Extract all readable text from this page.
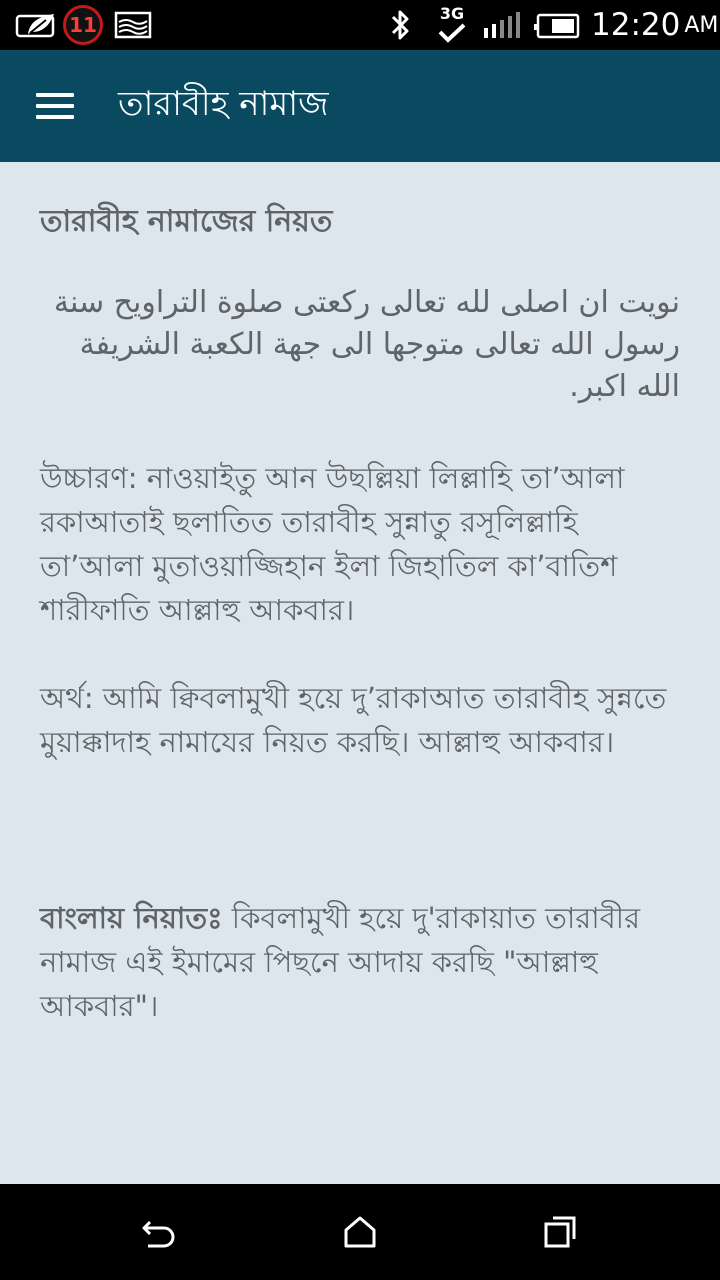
11	3G	12:20 AM
তারাবীহ নামাজ
তারাবীহ নামাজের নিয়ত
نويت ان اصلى لله تعالى ركعتى صلوة التراويح سنة رسول الله تعالى متوجها الى جهة الكعبة الشريفة الله اكبر.
উচ্চারণ: নাওয়াইতু আন উছল্লিয়া লিল্লাহি তা’আলা রকাআতাই ছলাতিত তারাবীহ সুন্নাতু রসূলিল্লাহি তা’আলা মুতাওয়াজ্জিহান ইলা জিহাতিল কা’বাতিশ শারীফাতি আল্লাহু আকবার।
অর্থ: আমি ক্বিবলামুখী হয়ে দু’রাকাআত তারাবীহ সুন্নতে মুয়াক্কাদাহ নামাযের নিয়ত করছি। আল্লাহু আকবার।
বাংলায় নিয়াতঃ কিবলামুখী হয়ে দু'রাকায়াত তারাবীর নামাজ এই ইমামের পিছনে আদায় করছি "আল্লাহু আকবার"।
